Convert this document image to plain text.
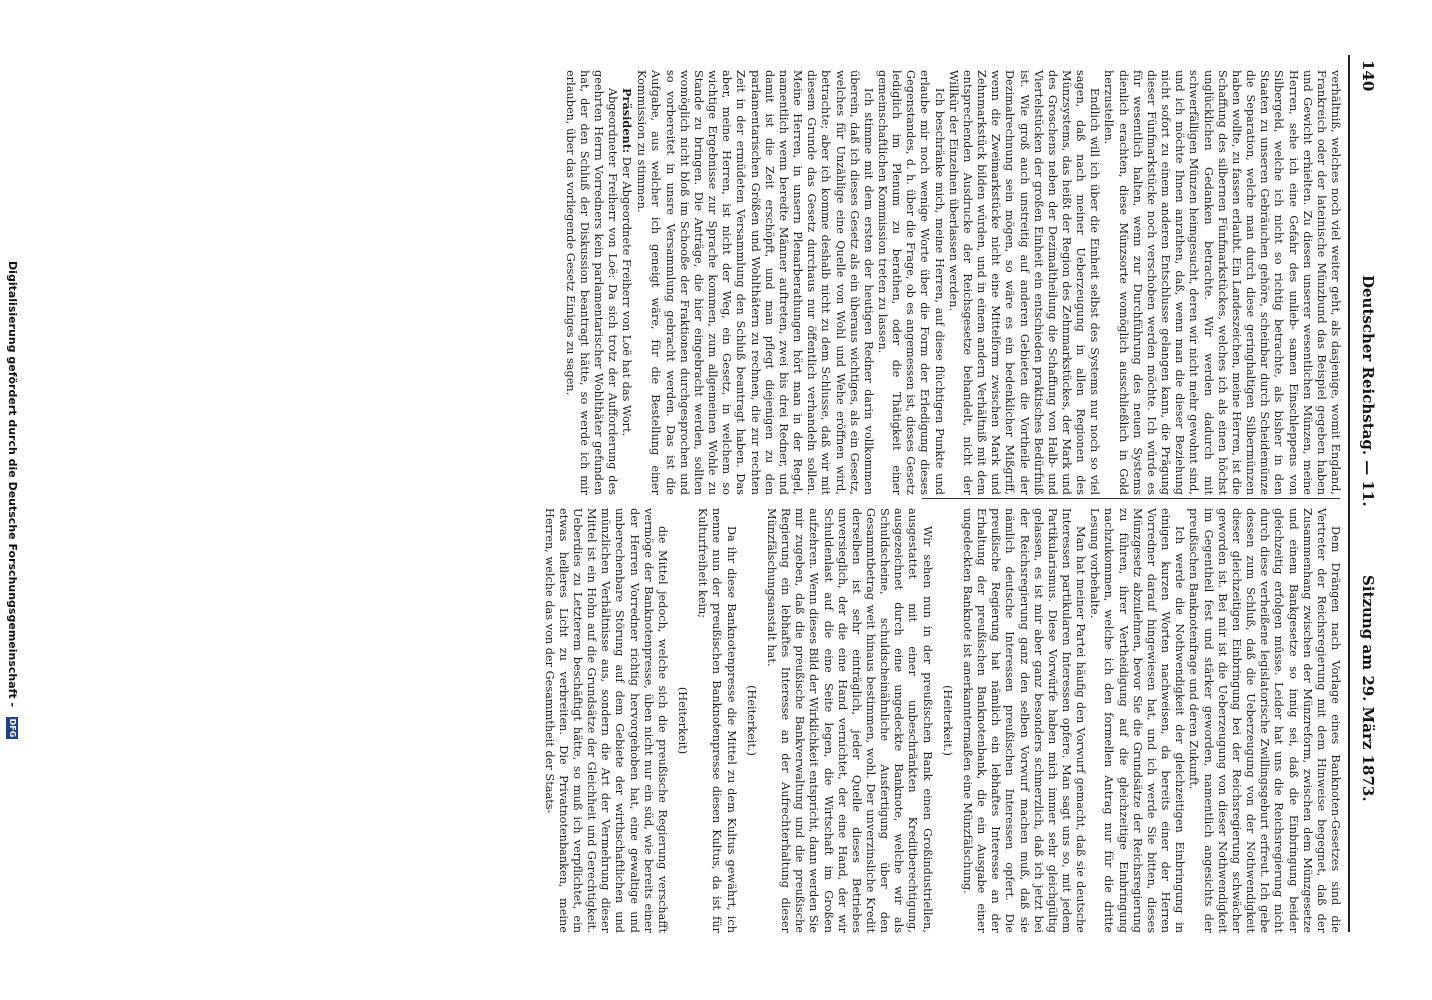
140
Deutscher Reichstag. — 11.
Sitzung am 29. März 1873.

verhältniß, welches noch viel weiter geht, als dasjenige, womit England, Frankreich oder der lateinische Münzbund das Beispiel gegeben haben und Gewicht erhielten. Zu diesen unserer wesentlichen Münzen, meine Herren, sehe ich eine Gefahr des unlieb- samen Einschleppens von Silbergeld, welche ich nicht so richtig betrachte, als bisher in den Staaten zu unseren Gebräuchen gehöre, scheinbar durch Scheidemünze die Separation, welche man durch diese geringhaltigen Silbermünzen haben wollte, zu fassen erlaubt. Ein Landeszeichen, meine Herren, ist die Schaffung des silbernen Fünfmarkstückes, welches ich als einen höchst unglücklichen Gedanken betrachte. Wir werden dadurch mit schwerfälligen Münzen heimgesucht, deren wir nicht mehr gewohnt sind, und ich möchte Ihnen anrathen, daß, wenn man die dieser Beziehung nicht sofort zu einem anderen Entschlusse gelangen kann, die Prägung dieser Fünfmarkstücke noch verschoben werden möchte. Ich würde es für wesentlich halten, wenn zur Durchführung des neuen Systems dienlich erachten, diese Münzsorte womöglich ausschließlich in Gold herzustellen.

Endlich will ich über die Einheit selbst des Systems nur noch so viel sagen, daß nach meiner Ueberzeugung in allen Regionen des Münzsystems, das heißt der Region des Zehnmarkstückes, der Mark und des Groschens neben der Dezimaltheilung die Schaffung von Halb- und Viertelstücken der großen Einheit ein entschieden praktisches Bedürfniß ist. Wie groß auch unstreitig auf anderen Gebieten die Vortheile der Dezimalrechnung sein mögen, so wäre es ein bedenklicher Mißgriff, wenn die Zweimarkstücke nicht eine Mittelform zwischen Mark und Zehnmarkstück bilden würden, und in einem andern Verhältniß mit dem entsprechenden Ausdrucke der Reichsgesetze behandelt, nicht der Willkür der Einzelnen überlassen werden.

Ich beschränke mich, meine Herren, auf diese flüchtigen Punkte und erlaube mir noch wenige Worte über die Form der Erledigung dieses Gegenstandes, d. h. über die Frage, ob es angemessen ist, dieses Gesetz lediglich im Plenum zu berathen, oder die Thätigkeit einer gemeinschaftlichen Kommission treten zu lassen.

Ich stimme mit dem ersten der heutigen Redner darin vollkommen überein, daß ich dieses Gesetz als ein überaus wichtiges, als ein Gesetz, welches für Unzählige eine Quelle von Wohl und Wehe eröffnen wird, betrachte; aber ich komme deshalb nicht zu dem Schlusse, daß wir mit diesem Grunde das Gesetz durchaus nur öffentlich verhandeln sollen. Meine Herren, in unsern Plenarberathungen hört man in der Regel, namentlich wenn beredte Männer auftreten, zwei bis drei Redner, und damit ist die Zeit erschöpft, und man pflegt diejenigen zu den parlamentarischen Größen und Wohlthätern zu rechnen, die zur rechten Zeit in der ermüdeten Versammlung den Schluß beantragt haben. Das aber, meine Herren, ist nicht der Weg, ein Gesetz, in welchem so wichtige Ergebnisse zur Sprache kommen, zum allgemeinen Wohle zu Stande zu bringen. Die Anträge, die hier eingebracht werden, sollten womöglich nicht bloß im Schooße der Fraktionen durchgesprochen und so vorbereitet in unsre Versammlung gebracht werden. Das ist die Aufgabe, aus welcher ich geneigt wäre, für die Bestellung einer Kommission zu stimmen.

Präsident: Der Abgeordnete Freiherr von Loë hat das Wort.

Abgeordneter Freiherr von Loë: Da sich trotz der Aufforderung des geehrten Herrn Vorredners kein parlamentarischer Wohlthäter gefunden hat, der den Schluß der Diskussion beantragt hätte, so werde ich mir erlauben, über das vorliegende Gesetz Einiges zu sagen.

Dem Drängen nach Vorlage eines Banknoten-Gesetzes sind die Vertreter der Reichsregierung mit dem Hinweise begegnet, daß der Zusammenhang zwischen der Münzreform, zwischen dem Münzgesetze und einem Bankgesetze so innig sei, daß die Einbringung beider gleichzeitig erfolgen müsse. Leider hat uns die Reichsregierung nicht durch diese verheißene legislatorische Zwillingsgeburt erfreut. Ich gebe dessen zum Schluß, daß die Ueberzeugung von der Nothwendigkeit dieser gleichzeitigen Einbringung bei der Reichsregierung schwächer geworden ist. Bei mir ist die Ueberzeugung von dieser Nothwendigkeit im Gegentheil fest und stärker geworden, namentlich angesichts der preußischen Banknotenfrage und deren Zukunft.

Ich werde die Nothwendigkeit der gleichzeitigen Einbringung in einigen kurzen Worten nachweisen, da bereits einer der Herren Vorredner darauf hingewiesen hat, und ich werde Sie bitten, dieses Münzgesetz abzulehnen, bevor Sie die Grundsätze der Reichsregierung zu führen, ihrer Vertheidigung auf die gleichzeitige Einbringung nachzukommen, welche ich den formellen Antrag nur für die dritte Lesung vorbehalte.

Man hat meiner Partei häufig den Vorwurf gemacht, daß sie deutsche Interessen partikularen Interessen opfere. Man sagt uns so, mit jedem Partikularismus. Diese Vorwürfe haben mich immer sehr gleichgültig gelassen, es ist mir aber ganz besonders schmerzlich, daß ich jetzt bei der Reichsregierung ganz den selben Vorwurf machen muß, daß sie nämlich deutsche Interessen preußischen Interessen opfert. Die preußische Regierung hat nämlich ein lebhaftes Interesse an der Erhaltung der preußischen Banknotenbank, die ein Ausgabe einer ungedeckten Banknote ist anerkanntermaßen eine Münzfälschung.

(Heiterkeit.)

Wir sehen nun in der preußischen Bank einen Großindustriellen, ausgestattet mit einer unbeschränkten Kreditberechtigung, ausgezeichnet durch eine ungedeckte Banknote, welche wir als Schuldscheine, schuldscheinähnliche Ausfertigung über den Gesammtbetrag weit hinaus bestimmen, wohl. Der unverzinsliche Kredit derselben ist sehr einträglich, jeder Quelle dieses Betriebes unversieglich, der die eine Hand vernichtet, der eine Hand, der wir Schuldenlast auf die eine Seite legen, die Wirtschaft im Großen aufzehren. Wenn dieses Bild der Wirklichkeit entspricht, dann werden Sie mir zugeben, daß die preußische Bankverwaltung und die preußische Regierung ein lebhaftes Interesse an der Aufrechterhaltung dieser Münzfälschungsanstalt hat.

(Heiterkeit.)

Da ihr diese Banknotenpresse die Mittel zu dem Kultus gewährt, ich nenne nun der preußischen Banknotenpresse diesen Kultus, da ist für Kulturfreiheit kein;

(Heiterkeit)

die Mittel jedoch, welche sich die preußische Regierung verschafft vermöge der Banknotenpresse, üben nicht nur ein süd, wie bereits einer der Herren Vorredner richtig hervorgehoben hat, eine gewaltige und unberechenbare Störung auf dem Gebiete der wirthschaftlichen und münzlichen Verhältnisse aus, sondern die Art der Vermehrung dieser Mittel ist ein Hohn auf die Grundsätze der Gleichheit und Gerechtigkeit. Ueberdies zu Letzterem beschäftigt hätte, so muß ich verpflichtet, ein etwas helleres Licht zu verbreiten. Die Privatnotenbanken, meine Herren, welche das von der Gesammtheit der Staats-

Digitalisierung gefördert durch die Deutsche Forschungsgemeinschaft - DFG
